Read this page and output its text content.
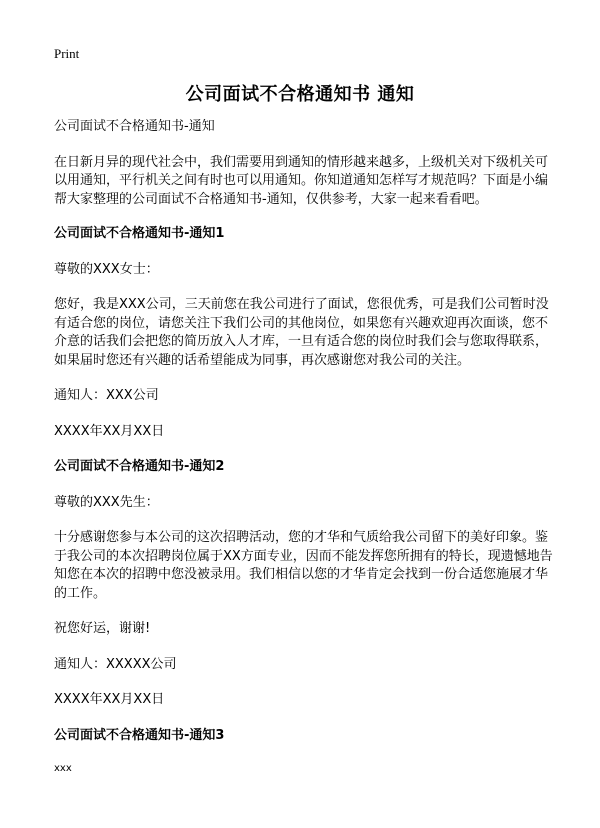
Print
公司面试不合格通知书 通知

公司面试不合格通知书-通知

在日新月异的现代社会中，我们需要用到通知的情形越来越多，上级机关对下级机关可以用通知，平行机关之间有时也可以用通知。你知道通知怎样写才规范吗？下面是小编帮大家整理的公司面试不合格通知书-通知，仅供参考，大家一起来看看吧。

公司面试不合格通知书-通知1

尊敬的XXX女士：

您好，我是XXX公司，三天前您在我公司进行了面试，您很优秀，可是我们公司暂时没有适合您的岗位，请您关注下我们公司的其他岗位，如果您有兴趣欢迎再次面谈，您不介意的话我们会把您的简历放入人才库，一旦有适合您的岗位时我们会与您取得联系，如果届时您还有兴趣的话希望能成为同事，再次感谢您对我公司的关注。

通知人：XXX公司

XXXX年XX月XX日

公司面试不合格通知书-通知2

尊敬的XXX先生：

十分感谢您参与本公司的这次招聘活动，您的才华和气质给我公司留下的美好印象。鉴于我公司的本次招聘岗位属于XX方面专业，因而不能发挥您所拥有的特长，现遗憾地告知您在本次的招聘中您没被录用。我们相信以您的才华肯定会找到一份合适您施展才华的工作。

祝您好运，谢谢!

通知人：XXXXX公司

XXXX年XX月XX日

公司面试不合格通知书-通知3

xxx
